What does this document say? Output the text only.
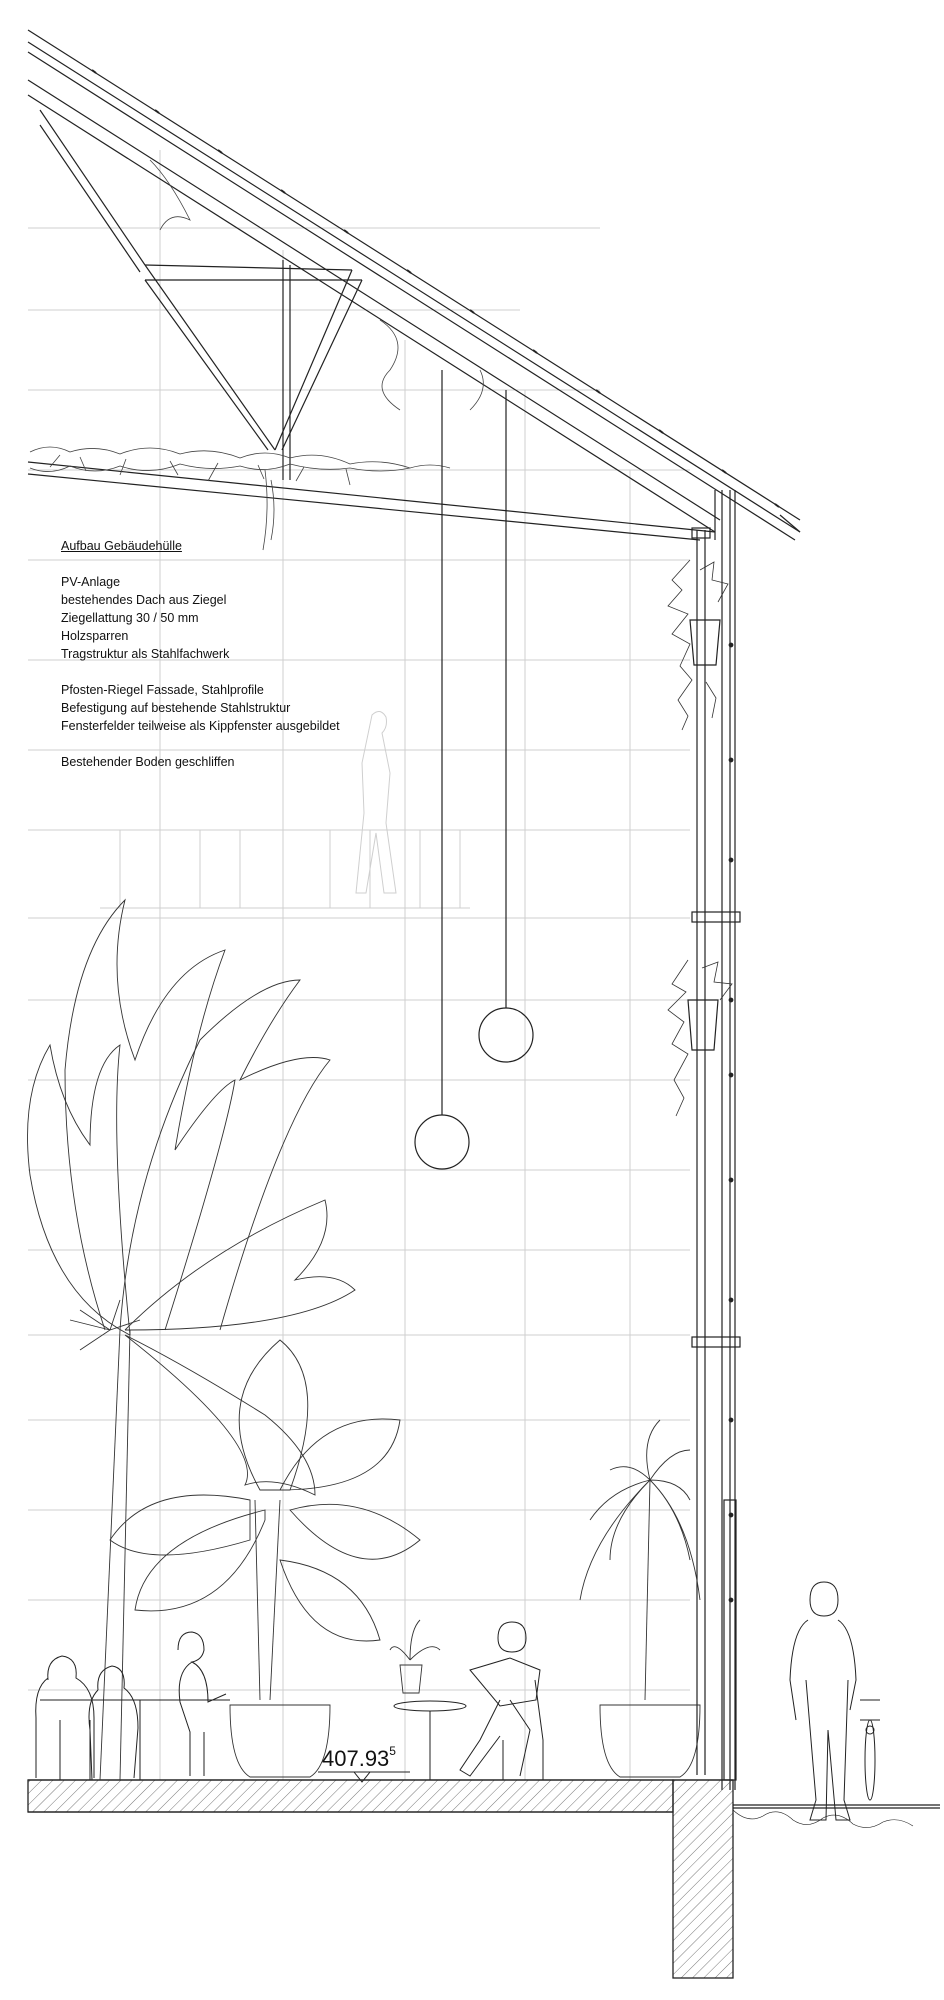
Aufbau Gebäudehülle
PV-Anlage
bestehendes Dach aus Ziegel
Ziegellattung 30 / 50 mm
Holzsparren
Tragstruktur als Stahlfachwerk
Pfosten-Riegel Fassade, Stahlprofile
Befestigung auf bestehende Stahlstruktur
Fensterfelder teilweise als Kippfenster ausgebildet
Bestehender Boden geschliffen
407.93$^5$
